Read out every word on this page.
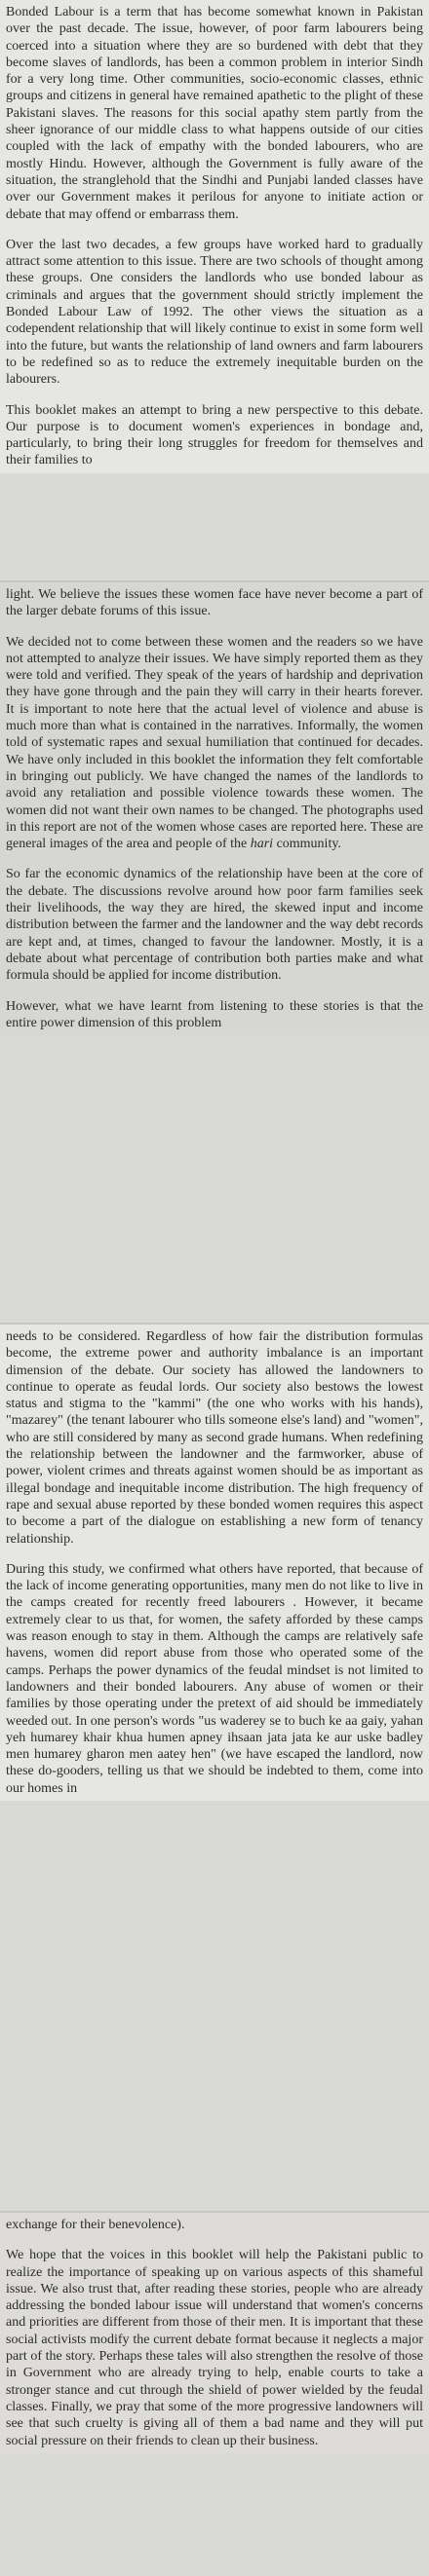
Bonded Labour is a term that has become somewhat known in Pakistan over the past decade. The issue, however, of poor farm labourers being coerced into a situation where they are so burdened with debt that they become slaves of landlords, has been a common problem in interior Sindh for a very long time. Other communities, socio-economic classes, ethnic groups and citizens in general have remained apathetic to the plight of these Pakistani slaves. The reasons for this social apathy stem partly from the sheer ignorance of our middle class to what happens outside of our cities coupled with the lack of empathy with the bonded labourers, who are mostly Hindu. However, although the Government is fully aware of the situation, the stranglehold that the Sindhi and Punjabi landed classes have over our Government makes it perilous for anyone to initiate action or debate that may offend or embarrass them.

Over the last two decades, a few groups have worked hard to gradually attract some attention to this issue. There are two schools of thought among these groups. One considers the landlords who use bonded labour as criminals and argues that the government should strictly implement the Bonded Labour Law of 1992. The other views the situation as a codependent relationship that will likely continue to exist in some form well into the future, but wants the relationship of land owners and farm labourers to be redefined so as to reduce the extremely inequitable burden on the labourers.

This booklet makes an attempt to bring a new perspective to this debate. Our purpose is to document women's experiences in bondage and, particularly, to bring their long struggles for freedom for themselves and their families to

light. We believe the issues these women face have never become a part of the larger debate forums of this issue.

We decided not to come between these women and the readers so we have not attempted to analyze their issues. We have simply reported them as they were told and verified. They speak of the years of hardship and deprivation they have gone through and the pain they will carry in their hearts forever. It is important to note here that the actual level of violence and abuse is much more than what is contained in the narratives. Informally, the women told of systematic rapes and sexual humiliation that continued for decades. We have only included in this booklet the information they felt comfortable in bringing out publicly. We have changed the names of the landlords to avoid any retaliation and possible violence towards these women. The women did not want their own names to be changed. The photographs used in this report are not of the women whose cases are reported here. These are general images of the area and people of the hari community.

So far the economic dynamics of the relationship have been at the core of the debate. The discussions revolve around how poor farm families seek their livelihoods, the way they are hired, the skewed input and income distribution between the farmer and the landowner and the way debt records are kept and, at times, changed to favour the landowner. Mostly, it is a debate about what percentage of contribution both parties make and what formula should be applied for income distribution.

However, what we have learnt from listening to these stories is that the entire power dimension of this problem

needs to be considered. Regardless of how fair the distribution formulas become, the extreme power and authority imbalance is an important dimension of the debate. Our society has allowed the landowners to continue to operate as feudal lords. Our society also bestows the lowest status and stigma to the "kammi" (the one who works with his hands), "mazarey" (the tenant labourer who tills someone else's land) and "women", who are still considered by many as second grade humans. When redefining the relationship between the landowner and the farmworker, abuse of power, violent crimes and threats against women should be as important as illegal bondage and inequitable income distribution. The high frequency of rape and sexual abuse reported by these bonded women requires this aspect to become a part of the dialogue on establishing a new form of tenancy relationship.

During this study, we confirmed what others have reported, that because of the lack of income generating opportunities, many men do not like to live in the camps created for recently freed labourers . However, it became extremely clear to us that, for women, the safety afforded by these camps was reason enough to stay in them. Although the camps are relatively safe havens, women did report abuse from those who operated some of the camps. Perhaps the power dynamics of the feudal mindset is not limited to landowners and their bonded labourers. Any abuse of women or their families by those operating under the pretext of aid should be immediately weeded out. In one person's words "us waderey se to buch ke aa gaiy, yahan yeh humarey khair khua humen apney ihsaan jata jata ke aur uske badley men humarey gharon men aatey hen" (we have escaped the landlord, now these do-gooders, telling us that we should be indebted to them, come into our homes in

exchange for their benevolence).

We hope that the voices in this booklet will help the Pakistani public to realize the importance of speaking up on various aspects of this shameful issue. We also trust that, after reading these stories, people who are already addressing the bonded labour issue will understand that women's concerns and priorities are different from those of their men. It is important that these social activists modify the current debate format because it neglects a major part of the story. Perhaps these tales will also strengthen the resolve of those in Government who are already trying to help, enable courts to take a stronger stance and cut through the shield of power wielded by the feudal classes. Finally, we pray that some of the more progressive landowners will see that such cruelty is giving all of them a bad name and they will put social pressure on their friends to clean up their business.
